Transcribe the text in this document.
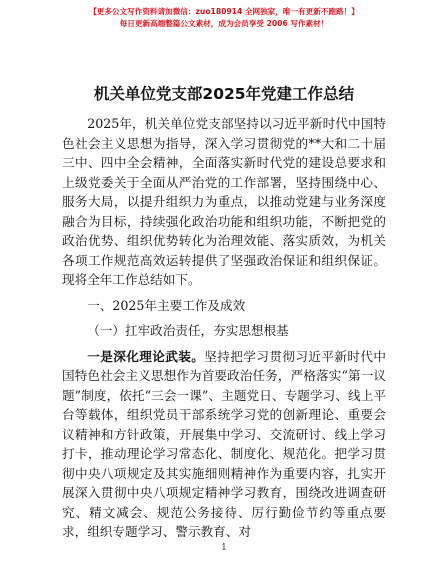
【更多公文写作资料请加微信：zuo180914 全网独家，唯一有更新不跑路！】
每日更新高端整篇公文素材，成为会员享受 2006 写作素材！
机关单位党支部2025年党建工作总结

2025年，机关单位党支部坚持以习近平新时代中国特色社会主义思想为指导，深入学习贯彻党的**大和二十届三中、四中全会精神，全面落实新时代党的建设总要求和上级党委关于全面从严治党的工作部署，坚持围绕中心、服务大局，以提升组织力为重点，以推动党建与业务深度融合为目标，持续强化政治功能和组织功能，不断把党的政治优势、组织优势转化为治理效能、落实质效，为机关各项工作规范高效运转提供了坚强政治保证和组织保证。现将全年工作总结如下。

一、2025年主要工作及成效
（一）扛牢政治责任，夯实思想根基

一是深化理论武装。坚持把学习贯彻习近平新时代中国特色社会主义思想作为首要政治任务，严格落实“第一议题”制度，依托“三会一课”、主题党日、专题学习、线上平台等载体，组织党员干部系统学习党的创新理论、重要会议精神和方针政策，开展集中学习、交流研讨、线上学习打卡，推动理论学习常态化、制度化、规范化。把学习贯彻中央八项规定及其实施细则精神作为重要内容，扎实开展深入贯彻中央八项规定精神学习教育，围绕改进调查研究、精文减会、规范公务接待、厉行勤俭节约等重点要求，组织专题学习、警示教育、对

1
